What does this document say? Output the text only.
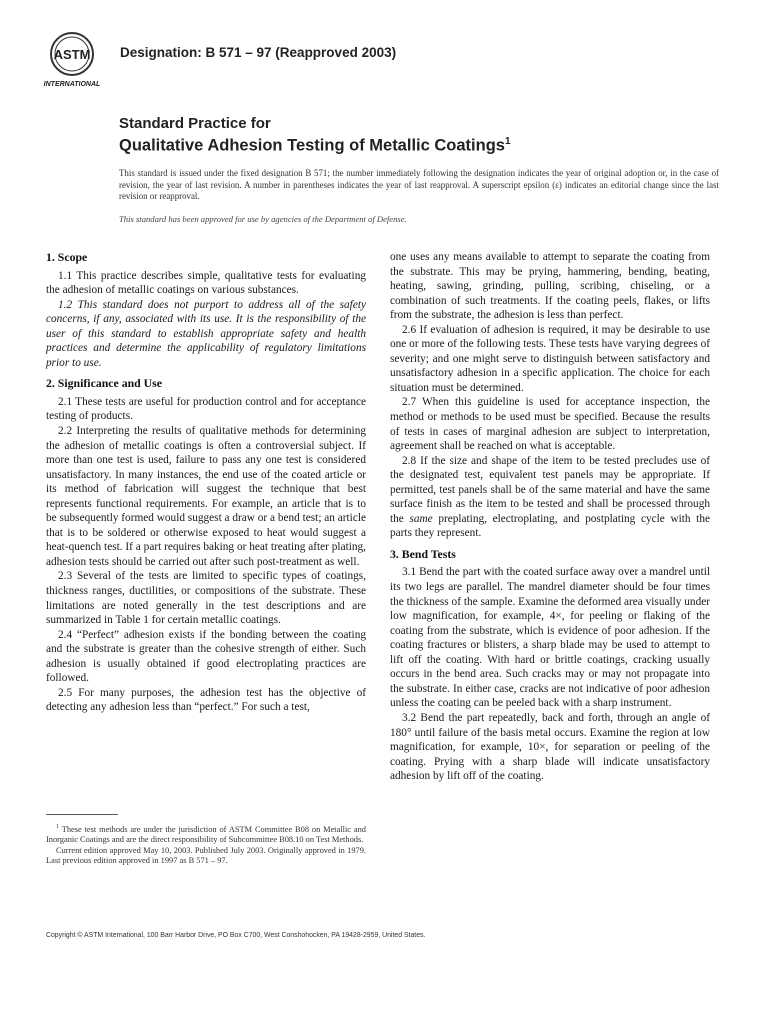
ASTM
INTERNATIONAL
Designation: B 571 – 97 (Reapproved 2003)
Standard Practice for
Qualitative Adhesion Testing of Metallic Coatings$^1$
This standard is issued under the fixed designation B 571; the number immediately following the designation indicates the year of original adoption or, in the case of revision, the year of last revision. A number in parentheses indicates the year of last reapproval. A superscript epsilon (ε) indicates an editorial change since the last revision or reapproval.
This standard has been approved for use by agencies of the Department of Defense.
1. Scope

1.1 This practice describes simple, qualitative tests for evaluating the adhesion of metallic coatings on various substances.

1.2 This standard does not purport to address all of the safety concerns, if any, associated with its use. It is the responsibility of the user of this standard to establish appropriate safety and health practices and determine the applicability of regulatory limitations prior to use.

2. Significance and Use

2.1 These tests are useful for production control and for acceptance testing of products.

2.2 Interpreting the results of qualitative methods for determining the adhesion of metallic coatings is often a controversial subject. If more than one test is used, failure to pass any one test is considered unsatisfactory. In many instances, the end use of the coated article or its method of fabrication will suggest the technique that best represents functional requirements. For example, an article that is to be subsequently formed would suggest a draw or a bend test; an article that is to be soldered or otherwise exposed to heat would suggest a heat-quench test. If a part requires baking or heat treating after plating, adhesion tests should be carried out after such post-treatment as well.

2.3 Several of the tests are limited to specific types of coatings, thickness ranges, ductilities, or compositions of the substrate. These limitations are noted generally in the test descriptions and are summarized in Table 1 for certain metallic coatings.

2.4 “Perfect” adhesion exists if the bonding between the coating and the substrate is greater than the cohesive strength of either. Such adhesion is usually obtained if good electroplating practices are followed.

2.5 For many purposes, the adhesion test has the objective of detecting any adhesion less than “perfect.” For such a test,

one uses any means available to attempt to separate the coating from the substrate. This may be prying, hammering, bending, beating, heating, sawing, grinding, pulling, scribing, chiseling, or a combination of such treatments. If the coating peels, flakes, or lifts from the substrate, the adhesion is less than perfect.

2.6 If evaluation of adhesion is required, it may be desirable to use one or more of the following tests. These tests have varying degrees of severity; and one might serve to distinguish between satisfactory and unsatisfactory adhesion in a specific application. The choice for each situation must be determined.

2.7 When this guideline is used for acceptance inspection, the method or methods to be used must be specified. Because the results of tests in cases of marginal adhesion are subject to interpretation, agreement shall be reached on what is acceptable.

2.8 If the size and shape of the item to be tested precludes use of the designated test, equivalent test panels may be appropriate. If permitted, test panels shall be of the same material and have the same surface finish as the item to be tested and shall be processed through the same preplating, electroplating, and postplating cycle with the parts they represent.

3. Bend Tests

3.1 Bend the part with the coated surface away over a mandrel until its two legs are parallel. The mandrel diameter should be four times the thickness of the sample. Examine the deformed area visually under low magnification, for example, 4×, for peeling or flaking of the coating from the substrate, which is evidence of poor adhesion. If the coating fractures or blisters, a sharp blade may be used to attempt to lift off the coating. With hard or brittle coatings, cracking usually occurs in the bend area. Such cracks may or may not propagate into the substrate. In either case, cracks are not indicative of poor adhesion unless the coating can be peeled back with a sharp instrument.

3.2 Bend the part repeatedly, back and forth, through an angle of 180° until failure of the basis metal occurs. Examine the region at low magnification, for example, 10×, for separation or peeling of the coating. Prying with a sharp blade will indicate unsatisfactory adhesion by lift off of the coating.

$^1$ These test methods are under the jurisdiction of ASTM Committee B08 on Metallic and Inorganic Coatings and are the direct responsibility of Subcommittee B08.10 on Test Methods.

Current edition approved May 10, 2003. Published July 2003. Originally approved in 1979. Last previous edition approved in 1997 as B 571 – 97.

Copyright © ASTM International, 100 Barr Harbor Drive, PO Box C700, West Conshohocken, PA 19428-2959, United States.
